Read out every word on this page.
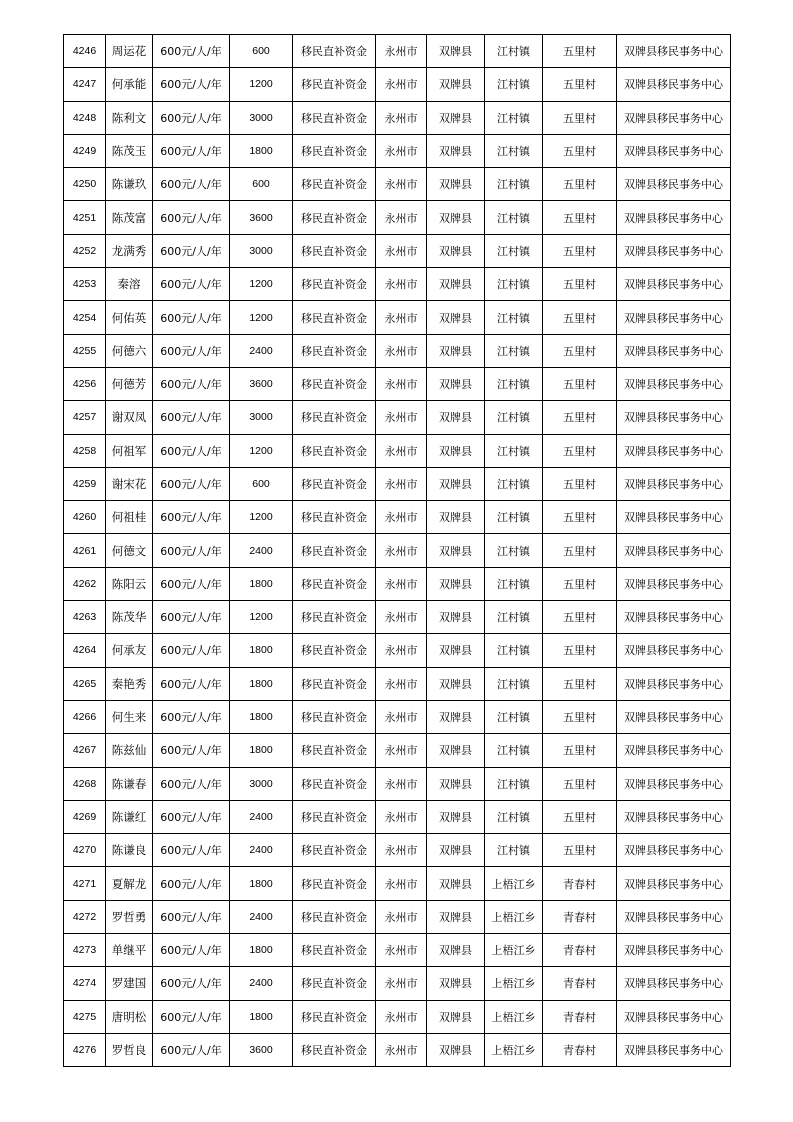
4246	周运花	600元/人/年	600	移民直补资金	永州市	双牌县	江村镇	五里村	双牌县移民事务中心
4247	何承能	600元/人/年	1200	移民直补资金	永州市	双牌县	江村镇	五里村	双牌县移民事务中心
4248	陈利文	600元/人/年	3000	移民直补资金	永州市	双牌县	江村镇	五里村	双牌县移民事务中心
4249	陈茂玉	600元/人/年	1800	移民直补资金	永州市	双牌县	江村镇	五里村	双牌县移民事务中心
4250	陈谦玖	600元/人/年	600	移民直补资金	永州市	双牌县	江村镇	五里村	双牌县移民事务中心
4251	陈茂富	600元/人/年	3600	移民直补资金	永州市	双牌县	江村镇	五里村	双牌县移民事务中心
4252	龙满秀	600元/人/年	3000	移民直补资金	永州市	双牌县	江村镇	五里村	双牌县移民事务中心
4253	秦溶	600元/人/年	1200	移民直补资金	永州市	双牌县	江村镇	五里村	双牌县移民事务中心
4254	何佑英	600元/人/年	1200	移民直补资金	永州市	双牌县	江村镇	五里村	双牌县移民事务中心
4255	何德六	600元/人/年	2400	移民直补资金	永州市	双牌县	江村镇	五里村	双牌县移民事务中心
4256	何德芳	600元/人/年	3600	移民直补资金	永州市	双牌县	江村镇	五里村	双牌县移民事务中心
4257	谢双凤	600元/人/年	3000	移民直补资金	永州市	双牌县	江村镇	五里村	双牌县移民事务中心
4258	何祖军	600元/人/年	1200	移民直补资金	永州市	双牌县	江村镇	五里村	双牌县移民事务中心
4259	谢宋花	600元/人/年	600	移民直补资金	永州市	双牌县	江村镇	五里村	双牌县移民事务中心
4260	何祖桂	600元/人/年	1200	移民直补资金	永州市	双牌县	江村镇	五里村	双牌县移民事务中心
4261	何德文	600元/人/年	2400	移民直补资金	永州市	双牌县	江村镇	五里村	双牌县移民事务中心
4262	陈阳云	600元/人/年	1800	移民直补资金	永州市	双牌县	江村镇	五里村	双牌县移民事务中心
4263	陈茂华	600元/人/年	1200	移民直补资金	永州市	双牌县	江村镇	五里村	双牌县移民事务中心
4264	何承友	600元/人/年	1800	移民直补资金	永州市	双牌县	江村镇	五里村	双牌县移民事务中心
4265	秦艳秀	600元/人/年	1800	移民直补资金	永州市	双牌县	江村镇	五里村	双牌县移民事务中心
4266	何生来	600元/人/年	1800	移民直补资金	永州市	双牌县	江村镇	五里村	双牌县移民事务中心
4267	陈兹仙	600元/人/年	1800	移民直补资金	永州市	双牌县	江村镇	五里村	双牌县移民事务中心
4268	陈谦春	600元/人/年	3000	移民直补资金	永州市	双牌县	江村镇	五里村	双牌县移民事务中心
4269	陈谦红	600元/人/年	2400	移民直补资金	永州市	双牌县	江村镇	五里村	双牌县移民事务中心
4270	陈谦良	600元/人/年	2400	移民直补资金	永州市	双牌县	江村镇	五里村	双牌县移民事务中心
4271	夏解龙	600元/人/年	1800	移民直补资金	永州市	双牌县	上梧江乡	青春村	双牌县移民事务中心
4272	罗哲勇	600元/人/年	2400	移民直补资金	永州市	双牌县	上梧江乡	青春村	双牌县移民事务中心
4273	单继平	600元/人/年	1800	移民直补资金	永州市	双牌县	上梧江乡	青春村	双牌县移民事务中心
4274	罗建国	600元/人/年	2400	移民直补资金	永州市	双牌县	上梧江乡	青春村	双牌县移民事务中心
4275	唐明松	600元/人/年	1800	移民直补资金	永州市	双牌县	上梧江乡	青春村	双牌县移民事务中心
4276	罗哲良	600元/人/年	3600	移民直补资金	永州市	双牌县	上梧江乡	青春村	双牌县移民事务中心
